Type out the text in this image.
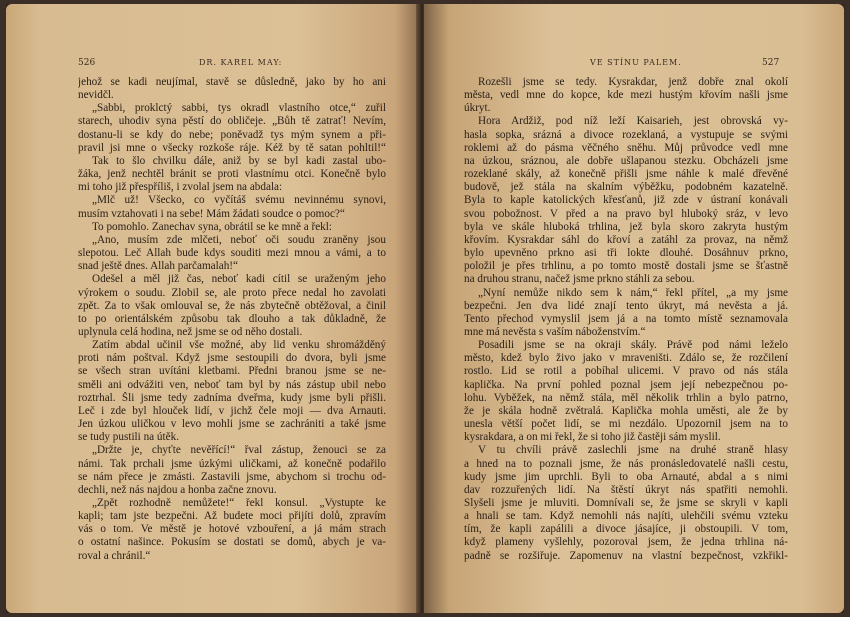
526	DR. KAREL MAY:
jehož se kadi neujímal, stavě se důsledně, jako by ho ani
nevidčl.
„Sabbi, proklctý sabbi, tys okradl vlastního otce,“ zuřil
starech, uhodiv syna pěstí do obličeje. „Bůh tě zatrať! Nevím,
dostanu-li se kdy do nebe; poněvadž tys mým synem a při-
pravil jsi mne o všecky rozkoše ráje. Kéž by tě satan pohltil!“
Tak to šlo chvilku dále, aniž by se byl kadi zastal ubo-
žáka, jenž nechtěl bránit se proti vlastnímu otci. Konečně bylo
mi toho již přespříliš, i zvolal jsem na abdala:
„Mlč už! Všecko, co vyčítáš svému nevinnému synovi,
musím vztahovati i na sebe! Mám žádati soudce o pomoc?“
To pomohlo. Zanechav syna, obrátil se ke mně a řekl:
„Ano, musím zde mlčeti, neboť oči soudu zraněny jsou
slepotou. Leč Allah bude kdys souditi mezi mnou a vámi, a to
snad ještě dnes. Allah parčamalah!“
Odešel a měl již čas, neboť kadi cítil se uraženým jeho
výrokem o soudu. Zlobil se, ale proto přece nedal ho zavolati
zpět. Za to však omlouval se, že nás zbytečně obtěžoval, a činil
to po orientálském způsobu tak dlouho a tak důkladně, že
uplynula celá hodina, než jsme se od něho dostali.
Zatím abdal učinil vše možné, aby lid venku shromážděný
proti nám poštval. Když jsme sestoupili do dvora, byli jsme
se všech stran uvítáni kletbami. Předni branou jsme se ne-
směli ani odvážiti ven, neboť tam byl by nás zástup ubil nebo
roztrhal. Šli jsme tedy zadníma dveřma, kudy jsme byli přišli.
Leč i zde byl hlouček lidí, v jichž čele moji — dva Arnauti.
Jen úzkou uličkou v levo mohli jsme se zachrániti a také jsme
se tudy pustili na útěk.
„Držte je, chyťte nevěřící!“ řval zástup, ženouci se za
námi. Tak prchali jsme úzkými uličkami, až konečně podařilo
se nám přece je zmásti. Zastavili jsme, abychom si trochu od-
dechli, než nás najdou a honba začne znovu.
„Zpět rozhodně nemůžete!“ řekl konsul. „Vystupte ke
kapli; tam jste bezpečni. Až budete moci přijíti dolů, zpravím
vás o tom. Ve městě je hotové vzbouření, a já mám strach
o ostatní našince. Pokusím se dostati se domů, abych je va-
roval a chránil.“
VE STÍNU PALEM.	527
Rozešli jsme se tedy. Kysrakdar, jenž dobře znal okolí
města, vedl mne do kopce, kde mezi hustým křovím našli jsme
úkryt.
Hora Ardžiž, pod níž leží Kaisarieh, jest obrovská vy-
hasla sopka, srázná a divoce rozeklaná, a vystupuje se svými
roklemi až do pásma věčného sněhu. Můj průvodce vedl mne
na úzkou, sráznou, ale dobře ušlapanou stezku. Obcházeli jsme
rozeklané skály, až konečně přišli jsme náhle k malé dřevěné
budově, jež stála na skalním výběžku, podobném kazatelně.
Byla to kaple katolických křesťanů, již zde v ústraní konávali
svou pobožnost. V před a na pravo byl hluboký sráz, v levo
byla ve skále hluboká trhlina, jež byla skoro zakryta hustým
křovím. Kysrakdar sáhl do křoví a zatáhl za provaz, na němž
bylo upevněno prkno asi tři lokte dlouhé. Dosáhnuv prkno,
položil je přes trhlinu, a po tomto mostě dostali jsme se šťastně
na druhou stranu, načež jsme prkno stáhli za sebou.
„Nyní nemůže nikdo sem k nám,“ řekl přítel, „a my jsme
bezpečni. Jen dva lidé znají tento úkryt, má nevěsta a já.
Tento přechod vymyslil jsem já a na tomto místě seznamovala
mne má nevěsta s vaším náboženstvím.“
Posadili jsme se na okraji skály. Právě pod námi leželo
město, kdež bylo živo jako v mraveništi. Zdálo se, že rozčilení
rostlo. Lid se rotil a pobíhal ulicemi. V pravo od nás stála
kaplička. Na první pohled poznal jsem její nebezpečnou po-
lohu. Vyběžek, na němž stála, měl několik trhlin a bylo patrno,
že je skála hodně zvětralá. Kaplička mohla uměsti, ale že by
unesla větší počet lidí, se mi nezdálo. Upozornil jsem na to
kysrakdara, a on mi řekl, že si toho již častěji sám myslil.
V tu chvíli právě zaslechli jsme na druhé straně hlasy
a hned na to poznali jsme, že nás pronásledovatelé našli cestu,
kudy jsme jim uprchli. Byli to oba Arnauté, abdal a s nimi
dav rozzuřených lidí. Na štěstí úkryt nás spatřiti nemohli.
Slyšeli jsme je mluviti. Domnívali se, že jsme se skryli v kapli
a hnali se tam. Když nemohli nás najíti, ulehčili svému vzteku
tím, že kapli zapálili a divoce jásajíce, ji obstoupili. V tom,
když plameny vyšlehly, pozoroval jsem, že jedna trhlina ná-
padně se rozšiřuje. Zapomenuv na vlastní bezpečnost, vzkřikl-
